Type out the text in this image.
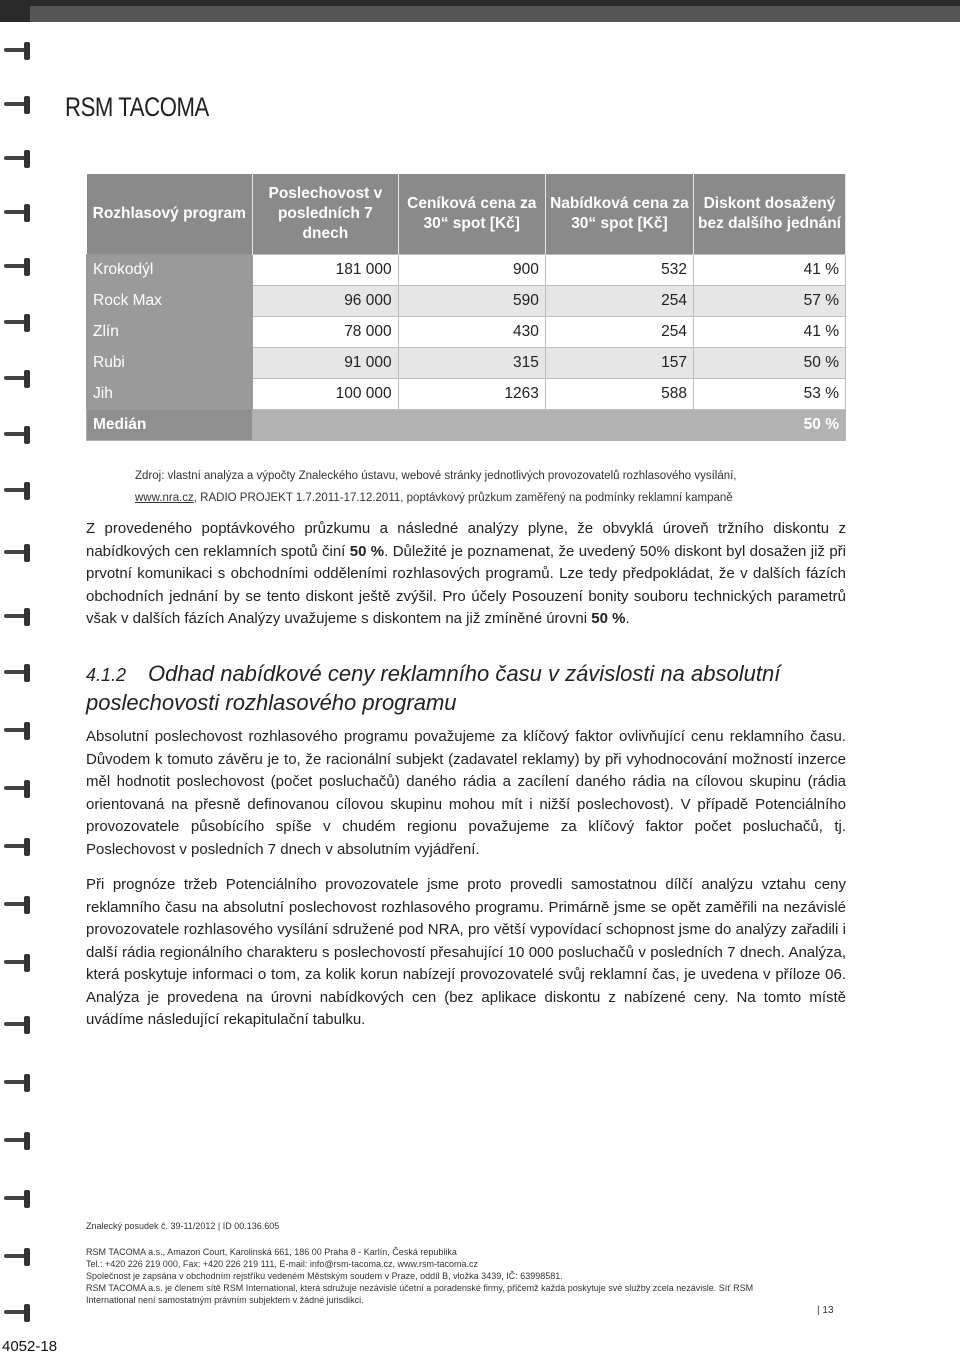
RSM TACOMA
Rozhlasový program	Poslechovost v posledních 7 dnech	Ceníková cena za 30“ spot [Kč]	Nabídková cena za 30“ spot [Kč]	Diskont dosažený bez dalšího jednání
Krokodýl	181 000	900	532	41 %
Rock Max	96 000	590	254	57 %
Zlín	78 000	430	254	41 %
Rubi	91 000	315	157	50 %
Jih	100 000	1263	588	53 %
Medián				50 %
Zdroj: vlastní analýza a výpočty Znaleckého ústavu, webové stránky jednotlivých provozovatelů rozhlasového vysílání,
www.nra.cz, RADIO PROJEKT 1.7.2011-17.12.2011, poptávkový průzkum zaměřený na podmínky reklamní kampaně
Z provedeného poptávkového průzkumu a následné analýzy plyne, že obvyklá úroveň tržního diskontu z nabídkových cen reklamních spotů činí 50 %. Důležité je poznamenat, že uvedený 50% diskont byl dosažen již při prvotní komunikaci s obchodními odděleními rozhlasových programů. Lze tedy předpokládat, že v dalších fázích obchodních jednání by se tento diskont ještě zvýšil. Pro účely Posouzení bonity souboru technických parametrů však v dalších fázích Analýzy uvažujeme s diskontem na již zmíněné úrovni 50 %.
4.1.2 Odhad nabídkové ceny reklamního času v závislosti na absolutní poslechovosti rozhlasového programu
Absolutní poslechovost rozhlasového programu považujeme za klíčový faktor ovlivňující cenu reklamního času. Důvodem k tomuto závěru je to, že racionální subjekt (zadavatel reklamy) by při vyhodnocování možností inzerce měl hodnotit poslechovost (počet posluchačů) daného rádia a zacílení daného rádia na cílovou skupinu (rádia orientovaná na přesně definovanou cílovou skupinu mohou mít i nižší poslechovost). V případě Potenciálního provozovatele působícího spíše v chudém regionu považujeme za klíčový faktor počet posluchačů, tj. Poslechovost v posledních 7 dnech v absolutním vyjádření.
Při prognóze tržeb Potenciálního provozovatele jsme proto provedli samostatnou dílčí analýzu vztahu ceny reklamního času na absolutní poslechovost rozhlasového programu. Primárně jsme se opět zaměřili na nezávislé provozovatele rozhlasového vysílání sdružené pod NRA, pro větší vypovídací schopnost jsme do analýzy zařadili i další rádia regionálního charakteru s poslechovostí přesahující 10 000 posluchačů v posledních 7 dnech. Analýza, která poskytuje informaci o tom, za kolik korun nabízejí provozovatelé svůj reklamní čas, je uvedena v příloze 06. Analýza je provedena na úrovni nabídkových cen (bez aplikace diskontu z nabízené ceny. Na tomto místě uvádíme následující rekapitulační tabulku.
Znalecký posudek č. 39-11/2012 | ID 00.136.605
RSM TACOMA a.s., Amazon Court, Karolinská 661, 186 00 Praha 8 - Karlín, Česká republika
Tel.: +420 226 219 000, Fax: +420 226 219 111, E-mail: info@rsm-tacoma.cz, www.rsm-tacoma.cz
Společnost je zapsána v obchodním rejstříku vedeném Městským soudem v Praze, oddíl B, vložka 3439, IČ: 63998581.
RSM TACOMA a.s. je členem sítě RSM International, která sdružuje nezávislé účetní a poradenské firmy, přičemž každá poskytuje své služby zcela nezávisle. Síť RSM
International není samostatným právním subjektem v žádné jurisdikci.
| 13
4052-18
